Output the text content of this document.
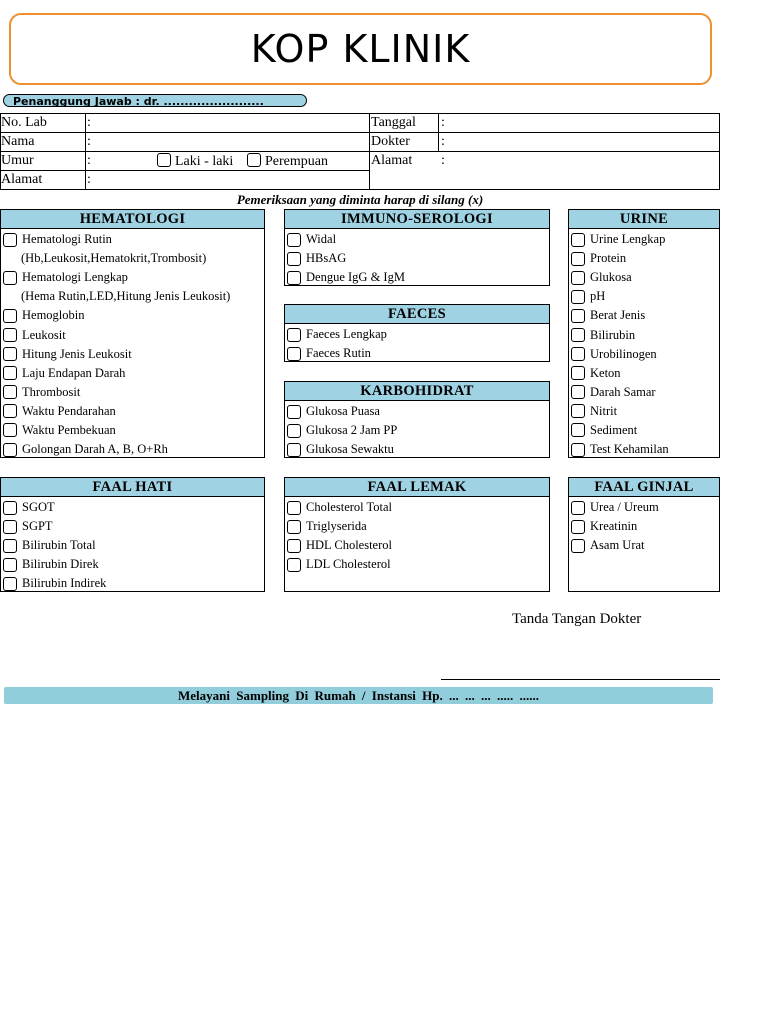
KOP KLINIK
Penanggung Jawab : dr. ........................
No. Lab
Nama
Umur
Alamat
:
:
:
:
Laki - laki	Perempuan
Tanggal
Dokter
Alamat
:
:
:
Pemeriksaan yang diminta harap di silang (x)
HEMATOLOGI
Hematologi Rutin
(Hb,Leukosit,Hematokrit,Trombosit)
Hematologi Lengkap
(Hema Rutin,LED,Hitung Jenis Leukosit)
Hemoglobin
Leukosit
Hitung Jenis Leukosit
Laju Endapan Darah
Thrombosit
Waktu Pendarahan
Waktu Pembekuan
Golongan Darah A, B, O+Rh
IMMUNO-SEROLOGI
Widal
HBsAG
Dengue IgG & IgM
FAECES
Faeces Lengkap
Faeces Rutin
KARBOHIDRAT
Glukosa Puasa
Glukosa 2 Jam PP
Glukosa Sewaktu
URINE
Urine Lengkap
Protein
Glukosa
pH
Berat Jenis
Bilirubin
Urobilinogen
Keton
Darah Samar
Nitrit
Sediment
Test Kehamilan
FAAL HATI
SGOT
SGPT
Bilirubin Total
Bilirubin Direk
Bilirubin Indirek
FAAL LEMAK
Cholesterol Total
Triglyserida
HDL Cholesterol
LDL Cholesterol
FAAL GINJAL
Urea / Ureum
Kreatinin
Asam Urat
Tanda Tangan Dokter
Melayani Sampling Di Rumah / Instansi Hp. ... ... ... ..... ......
